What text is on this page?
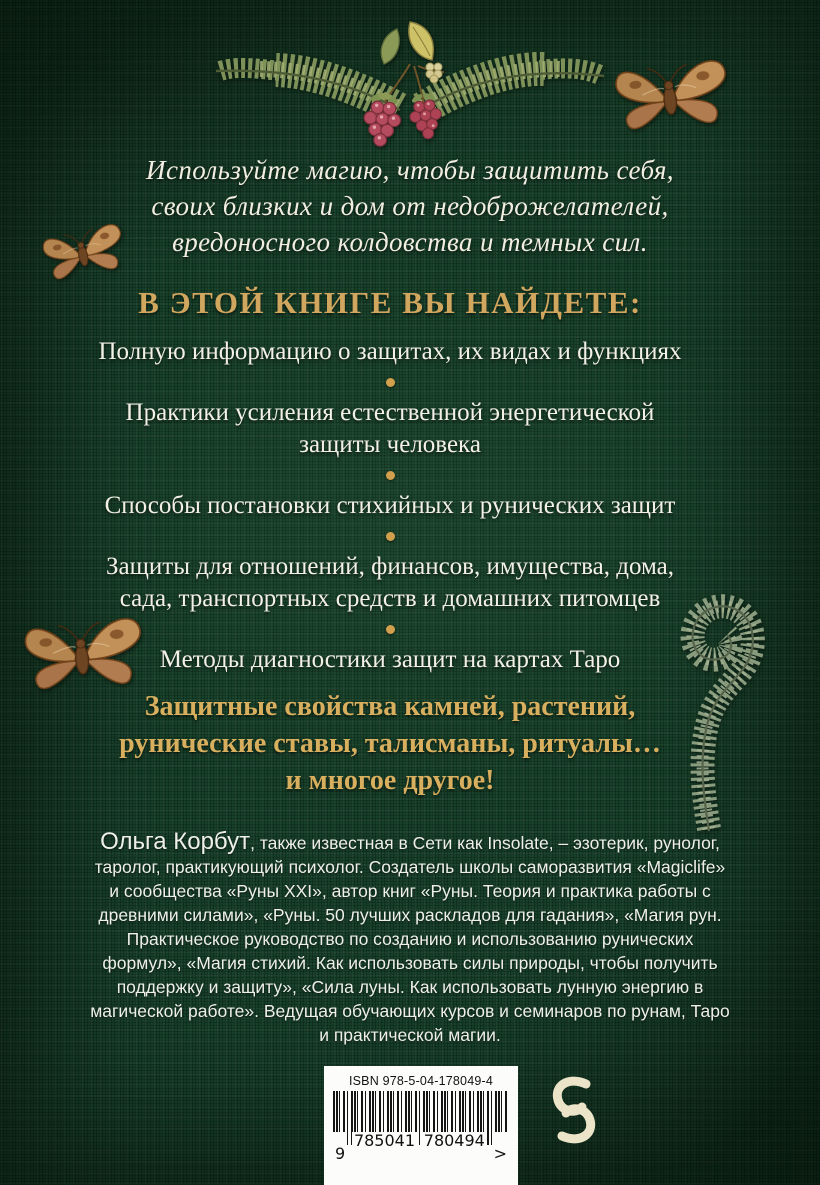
Используйте магию, чтобы защитить себя,
своих близких и дом от недоброжелателей,
вредоносного колдовства и темных сил.
В ЭТОЙ КНИГЕ ВЫ НАЙДЕТЕ:
Полную информацию о защитах, их видах и функциях
Практики усиления естественной энергетической защиты человека
Способы постановки стихийных и рунических защит
Защиты для отношений, финансов, имущества, дома, сада, транспортных средств и домашних питомцев
Методы диагностики защит на картах Таро
Защитные свойства камней, растений,
рунические ставы, талисманы, ритуалы…
и многое другое!

Ольга Корбут, также известная в Сети как Insolate, – эзотерик, рунолог, таролог, практикующий психолог. Создатель школы саморазвития «Magiclife» и сообщества «Руны XXI», автор книг «Руны. Теория и практика работы с древними силами», «Руны. 50 лучших раскладов для гадания», «Магия рун. Практическое руководство по созданию и использованию рунических формул», «Магия стихий. Как использовать силы природы, чтобы получить поддержку и защиту», «Сила луны. Как использовать лунную энергию в магической работе». Ведущая обучающих курсов и семинаров по рунам, Таро и практической магии.

ISBN 978-5-04-178049-4
9
785041 780494
>
